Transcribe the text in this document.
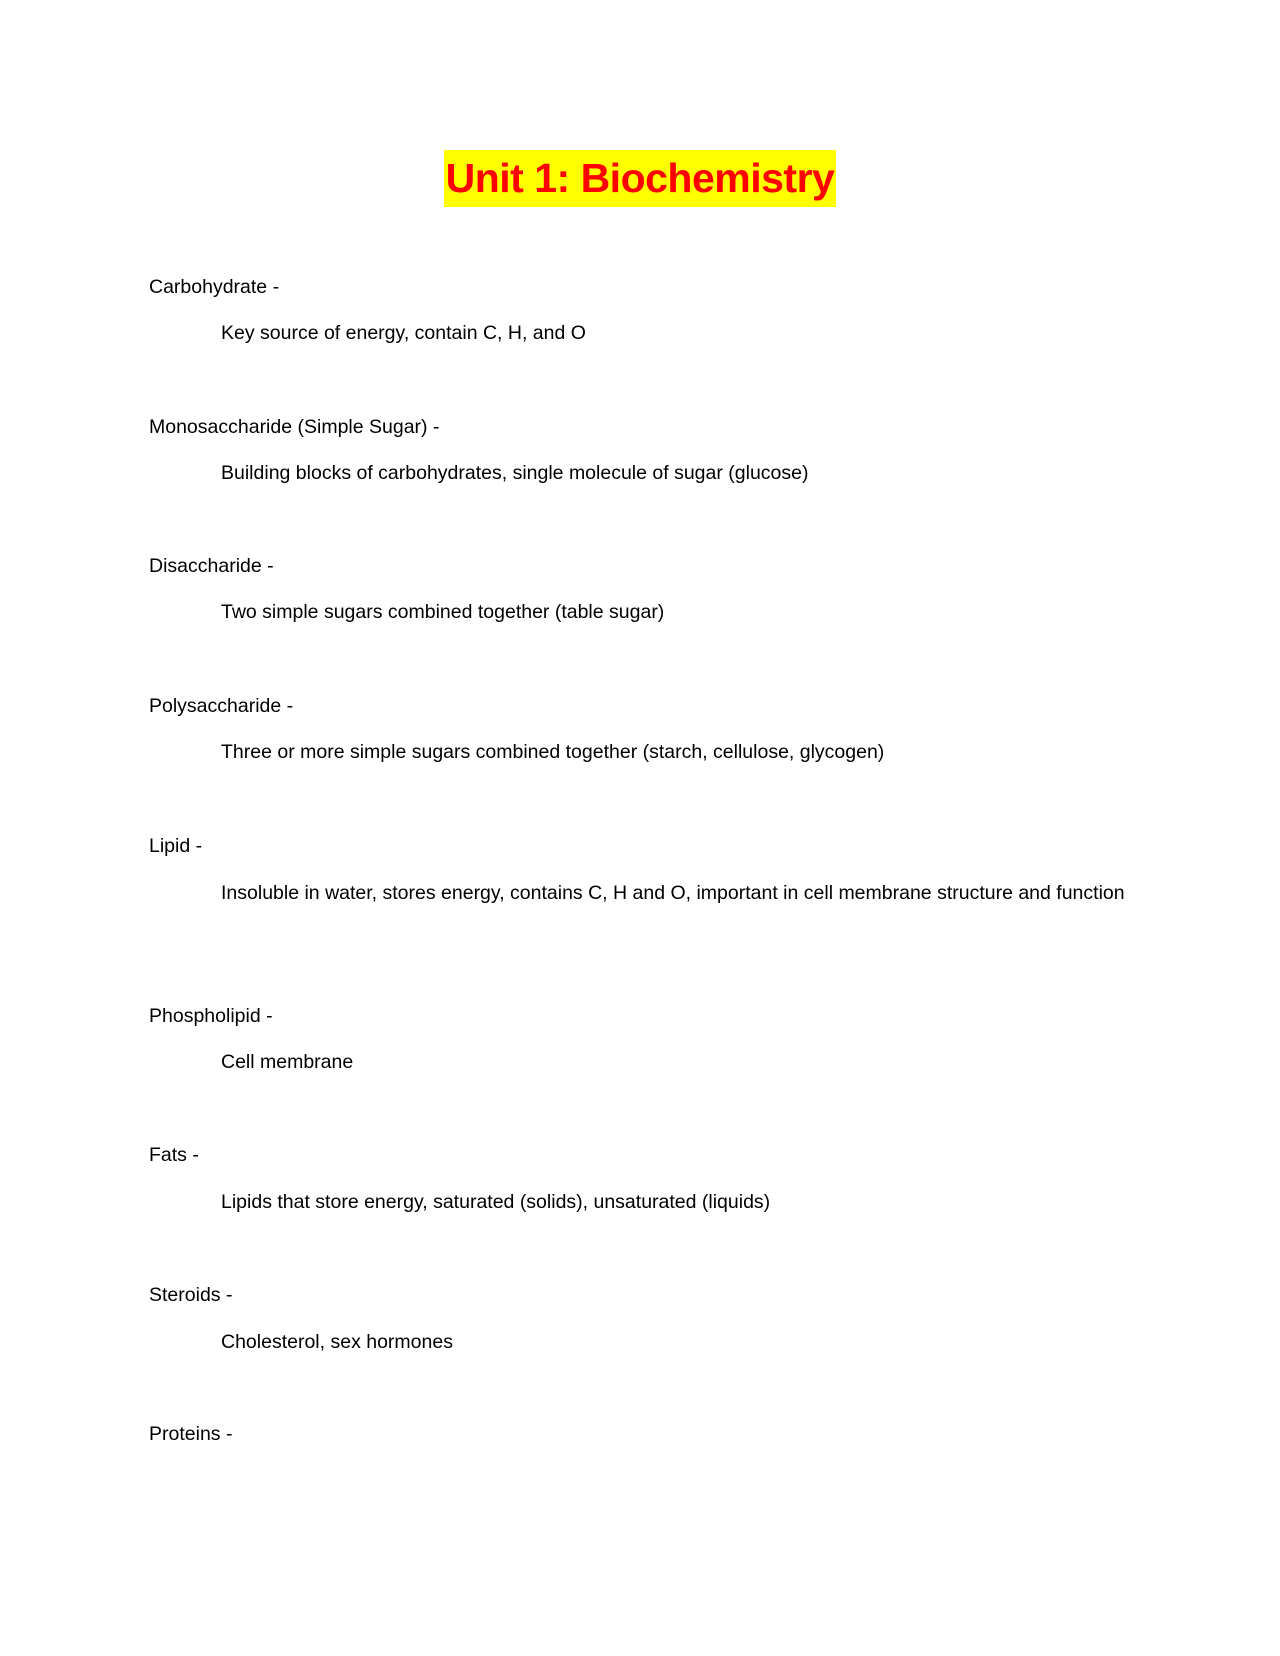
Unit 1: Biochemistry
Carbohydrate -
Key source of energy, contain C, H, and O
Monosaccharide (Simple Sugar) -
Building blocks of carbohydrates, single molecule of sugar (glucose)
Disaccharide -
Two simple sugars combined together (table sugar)
Polysaccharide -
Three or more simple sugars combined together (starch, cellulose, glycogen)
Lipid -
Insoluble in water, stores energy, contains C, H and O, important in cell membrane structure and function
Phospholipid -
Cell membrane
Fats -
Lipids that store energy, saturated (solids), unsaturated (liquids)
Steroids -
Cholesterol, sex hormones
Proteins -
